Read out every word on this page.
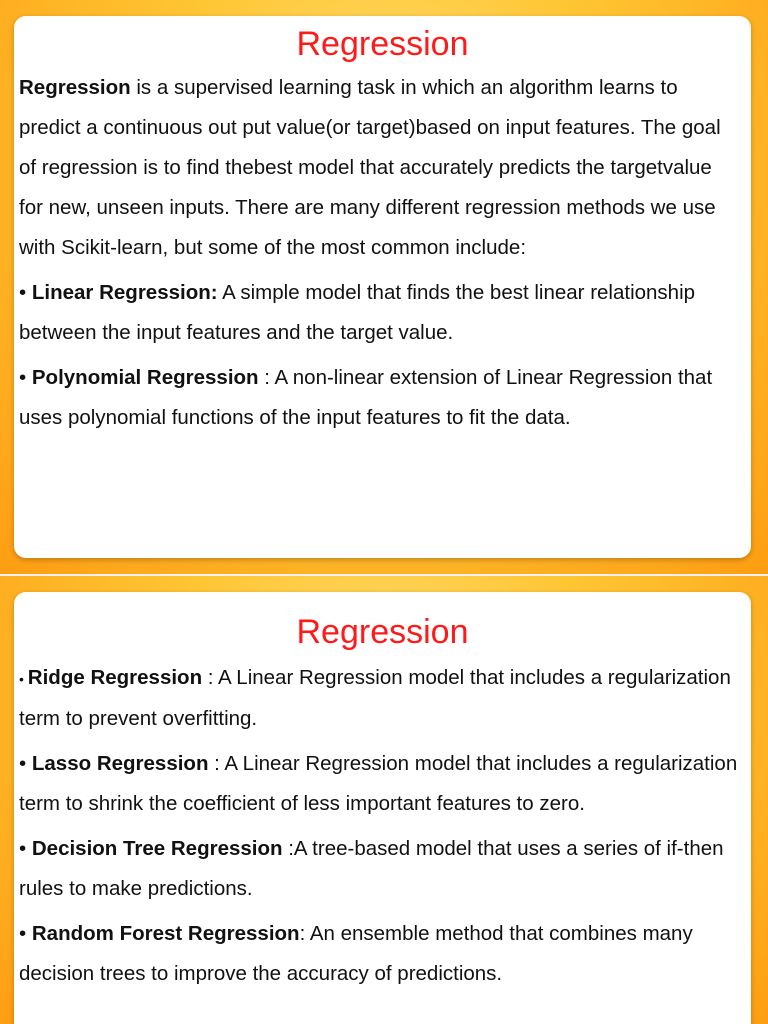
Regression

Regression is a supervised learning task in which an algorithm learns to predict a continuous out put value(or target)based on input features. The goal of regression is to find thebest model that accurately predicts the targetvalue for new, unseen inputs. There are many different regression methods we use with Scikit-learn, but some of the most common include:

• Linear Regression: A simple model that finds the best linear relationship between the input features and the target value.

• Polynomial Regression : A non-linear extension of Linear Regression that uses polynomial functions of the input features to fit the data.

Regression

• Ridge Regression : A Linear Regression model that includes a regularization term to prevent overfitting.

• Lasso Regression : A Linear Regression model that includes a regularization term to shrink the coefficient of less important features to zero.

• Decision Tree Regression :A tree-based model that uses a series of if-then rules to make predictions.

• Random Forest Regression: An ensemble method that combines many decision trees to improve the accuracy of predictions.
